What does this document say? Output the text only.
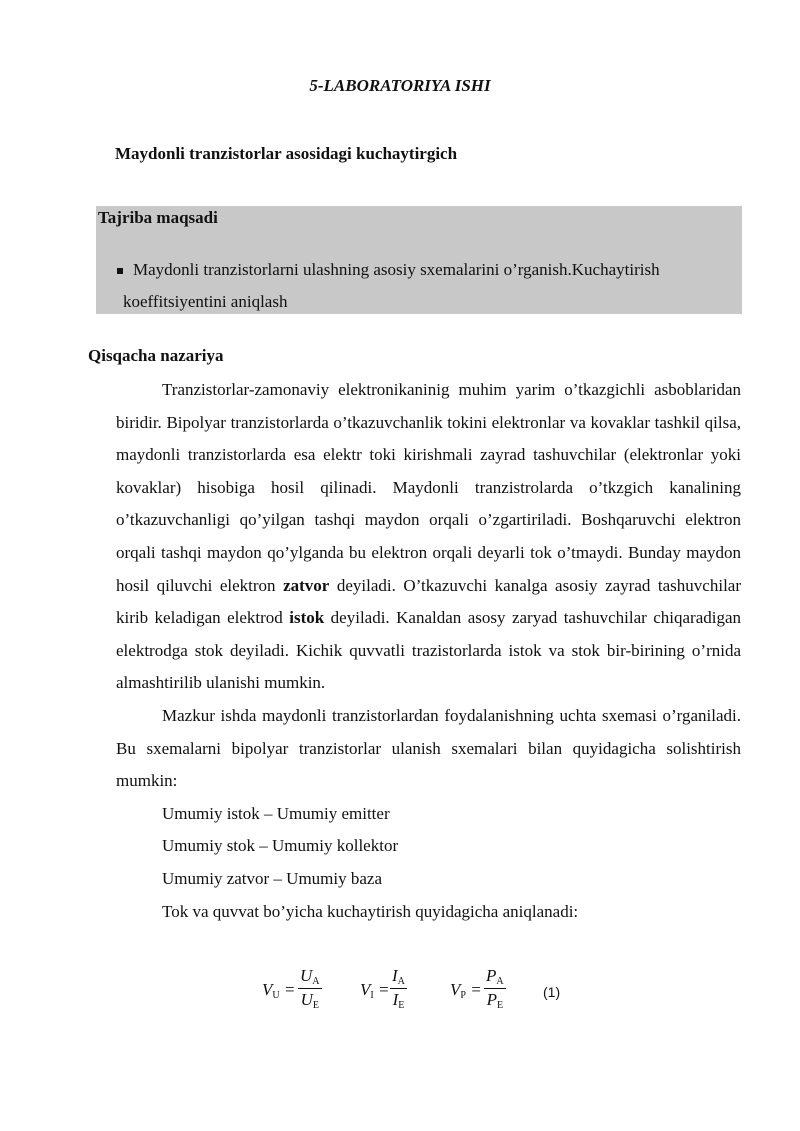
5-LABORATORIYA ISHI
Maydonli tranzistorlar asosidagi kuchaytirgich
Tajriba maqsadi
Maydonli tranzistorlarni ulashning asosiy sxemalarini o’rganish.Kuchaytirish
koeffitsiyentini aniqlash
Qisqacha nazariya

Tranzistorlar-zamonaviy elektronikaninig muhim yarim o’tkazgichli asboblaridan biridir. Bipolyar tranzistorlarda o’tkazuvchanlik tokini elektronlar va kovaklar tashkil qilsa, maydonli tranzistorlarda esa elektr toki kirishmali zayrad tashuvchilar (elektronlar yoki kovaklar) hisobiga hosil qilinadi. Maydonli tranzistrolarda o’tkzgich kanalining o’tkazuvchanligi qo’yilgan tashqi maydon orqali o’zgartiriladi. Boshqaruvchi elektron orqali tashqi maydon qo’ylganda bu elektron orqali deyarli tok o’tmaydi. Bunday maydon hosil qiluvchi elektron zatvor deyiladi. O’tkazuvchi kanalga asosiy zayrad tashuvchilar kirib keladigan elektrod istok deyiladi. Kanaldan asosy zaryad tashuvchilar chiqaradigan elektrodga stok deyiladi. Kichik quvvatli trazistorlarda istok va stok bir-birining o’rnida almashtirilib ulanishi mumkin.

Mazkur ishda maydonli tranzistorlardan foydalanishning uchta sxemasi o’rganiladi. Bu sxemalarni bipolyar tranzistorlar ulanish sxemalari bilan quyidagicha solishtirish mumkin:

Umumiy istok – Umumiy emitter

Umumiy stok – Umumiy kollektor

Umumiy zatvor – Umumiy baza

Tok va quvvat bo’yicha kuchaytirish quyidagicha aniqlanadi:

$V_U = \frac{U_A}{U_E} V_I = \frac{I_A}{I_E}$	$V_P = \frac{P_A}{P_E}$	(1)
